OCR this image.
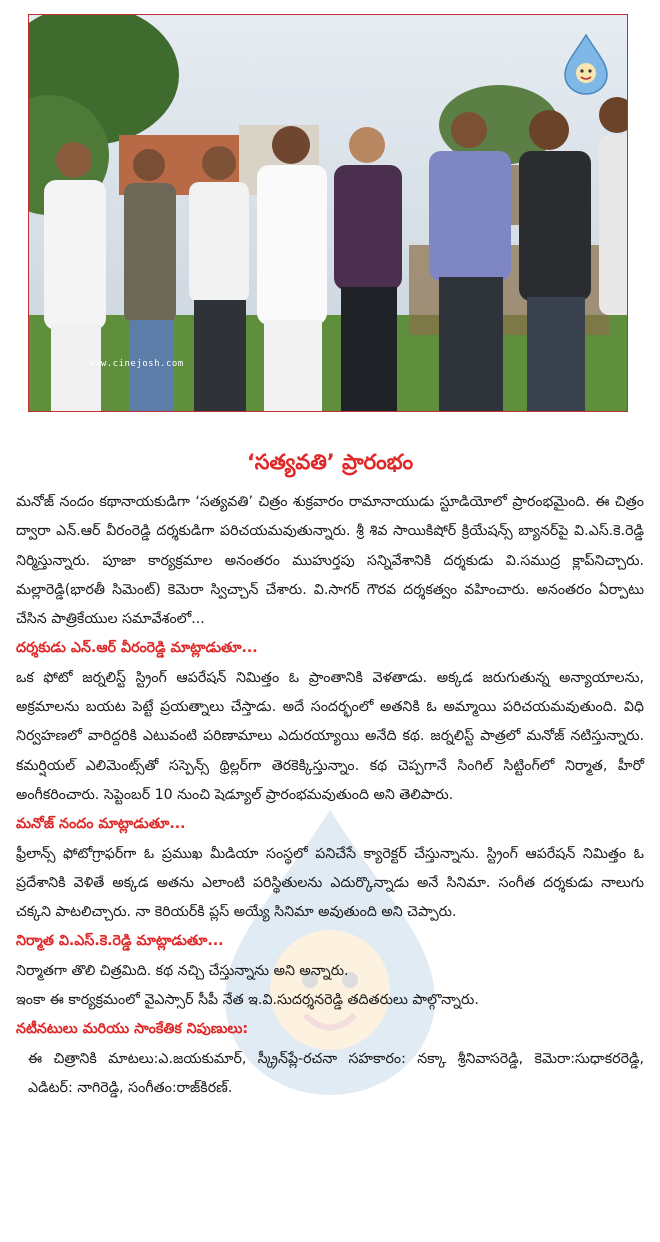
www.cinejosh.com
‘సత్యవతి’ ప్రారంభం

మనోజ్ నందం కథానాయకుడిగా ‘సత్యవతి’ చిత్రం శుక్రవారం రామానాయుడు స్టూడియోలో ప్రారంభమైంది. ఈ చిత్రం ద్వారా ఎన్.ఆర్ వీరంరెడ్డి దర్శకుడిగా పరిచయమవుతున్నారు. శ్రీ శివ సాయికిషోర్ క్రియేషన్స్ బ్యానర్‌పై వి.ఎస్.కె.రెడ్డి నిర్మిస్తున్నారు. పూజా కార్యక్రమాల అనంతరం ముహుర్తపు సన్నివేశానికి దర్శకుడు వి.సముద్ర క్లాప్‌నిచ్చారు. మల్లారెడ్డి(భారతీ సిమెంట్) కెమెరా స్విచ్చాన్ చేశారు. వి.సాగర్ గౌరవ దర్శకత్వం వహించారు. అనంతరం ఏర్పాటు చేసిన పాత్రికేయుల సమావేశంలో...

దర్శకుడు ఎన్.ఆర్ వీరంరెడ్డి మాట్లాడుతూ...

ఒక ఫోటో జర్నలిస్ట్ స్ట్రింగ్ ఆపరేషన్ నిమిత్తం ఓ ప్రాంతానికి వెళతాడు. అక్కడ జరుగుతున్న అన్యాయాలను, అక్రమాలను బయట పెట్టే ప్రయత్నాలు చేస్తాడు. అదే సందర్భంలో అతనికి ఓ అమ్మాయి పరిచయమవుతుంది. విధి నిర్వహణలో వారిద్దరికి ఎటువంటి పరిణామాలు ఎదురయ్యాయి అనేది కథ. జర్నలిస్ట్ పాత్రలో మనోజ్ నటిస్తున్నారు. కమర్షియల్ ఎలిమెంట్స్‌తో సస్పెన్స్ థ్రిల్లర్‌గా తెరకెక్కిస్తున్నాం. కథ చెప్పగానే సింగిల్ సిట్టింగ్‌లో నిర్మాత, హీరో అంగీకరించారు. సెప్టెంబర్ 10 నుంచి షెడ్యూల్ ప్రారంభమవుతుంది అని తెలిపారు.

మనోజ్ నందం మాట్లాడుతూ...

ఫ్రీలాన్స్ ఫోటోగ్రాఫర్‌గా ఓ ప్రముఖ మీడియా సంస్థలో పనిచేసే క్యారెక్టర్ చేస్తున్నాను. స్ట్రింగ్ ఆపరేషన్ నిమిత్తం ఓ ప్రదేశానికి వెళితే అక్కడ అతను ఎలాంటి పరిస్థితులను ఎదుర్కొన్నాడు అనే సినిమా. సంగీత దర్శకుడు నాలుగు చక్కని పాటలిచ్చారు. నా కెరియర్‌కి ప్లస్ అయ్యే సినిమా అవుతుంది అని చెప్పారు.

నిర్మాత వి.ఎస్.కె.రెడ్డి మాట్లాడుతూ...

నిర్మాతగా తొలి చిత్రమిది. కథ నచ్చి చేస్తున్నాను అని అన్నారు.

ఇంకా ఈ కార్యక్రమంలో వైఎస్సార్ సీపీ నేత ఇ.వి.సుదర్శనరెడ్డి తదితరులు పాల్గొన్నారు.

నటీనటులు మరియు సాంకేతిక నిపుణులు:

ఈ చిత్రానికి మాటలు:ఎ.జయకుమార్, స్క్రీన్‌ప్లే-రచనా సహకారం: నక్కా శ్రీనివాసరెడ్డి, కెమెరా:సుధాకరరెడ్డి, ఎడిటర్: నాగిరెడ్డి, సంగీతం:రాజ్‌కిరణ్.
